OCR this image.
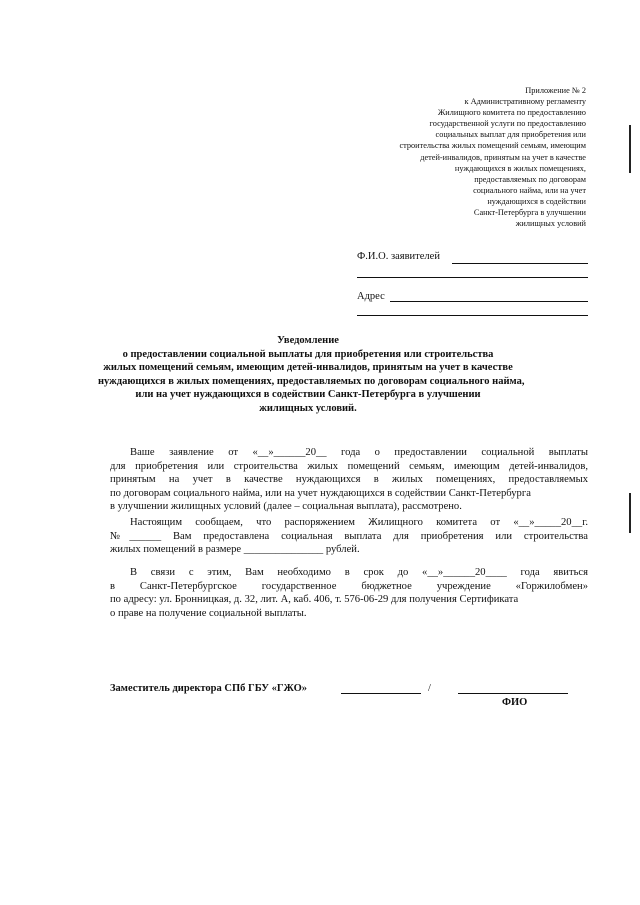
Приложение № 2
к Административному регламенту
Жилищного комитета по предоставлению
государственной услуги по предоставлению
социальных выплат для приобретения или
строительства жилых помещений семьям, имеющим
детей-инвалидов, принятым на учет в качестве
нуждающихся в жилых помещениях,
предоставляемых по договорам
социального найма, или на учет
нуждающихся в содействии
Санкт-Петербурга в улучшении
жилищных условий
Ф.И.О. заявителей
Адрес
Уведомление
о предоставлении социальной выплаты для приобретения или строительства
жилых помещений семьям, имеющим детей-инвалидов, принятым на учет в качестве
нуждающихся в жилых помещениях, предоставляемых по договорам социального найма,
или на учет нуждающихся в содействии Санкт-Петербурга в улучшении
жилищных условий.
Ваше заявление от «__»______20__ года о предоставлении социальной выплаты
для приобретения или строительства жилых помещений семьям, имеющим детей-инвалидов,
принятым на учет в качестве нуждающихся в жилых помещениях, предоставляемых
по договорам социального найма, или на учет нуждающихся в содействии Санкт-Петербурга
в улучшении жилищных условий (далее – социальная выплата), рассмотрено.
Настоящим сообщаем, что распоряжением Жилищного комитета от «__»_____20__г.
№______ Вам предоставлена социальная выплата для приобретения или строительства
жилых помещений в размере _______________ рублей.
В связи с этим, Вам необходимо в срок до «__»______20____ года явиться
в Санкт-Петербургское государственное бюджетное учреждение «Горжилобмен»
по адресу: ул. Бронницкая, д. 32, лит. А, каб. 406, т. 576-06-29 для получения Сертификата
о праве на получение социальной выплаты.
Заместитель директора СПб ГБУ «ГЖО»	/
ФИО
